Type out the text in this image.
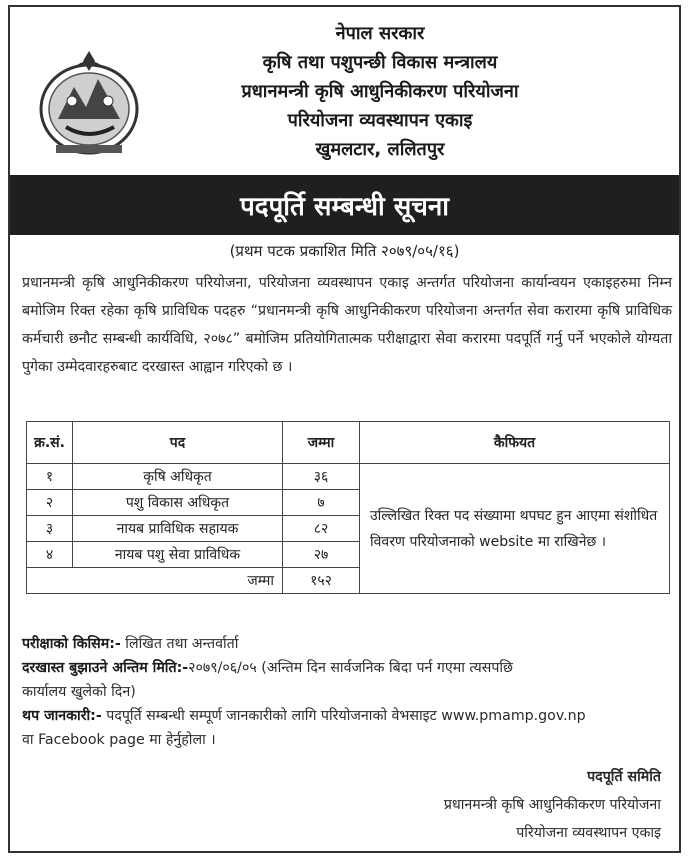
नेपाल सरकार
कृषि तथा पशुपन्छी विकास मन्त्रालय
प्रधानमन्त्री कृषि आधुनिकीकरण परियोजना
परियोजना व्यवस्थापन एकाइ
खुमलटार, ललितपुर
पदपूर्ति सम्बन्धी सूचना
(प्रथम पटक प्रकाशित मिति २०७९/०५/१६)
प्रधानमन्त्री कृषि आधुनिकीकरण परियोजना, परियोजना व्यवस्थापन एकाइ अन्तर्गत परियोजना कार्यान्वयन एकाइहरुमा निम्न बमोजिम रिक्त रहेका कृषि प्राविधिक पदहरु “प्रधानमन्त्री कृषि आधुनिकीकरण परियोजना अन्तर्गत सेवा करारमा कृषि प्राविधिक कर्मचारी छनौट सम्बन्धी कार्यविधि, २०७८” बमोजिम प्रतियोगितात्मक परीक्षाद्वारा सेवा करारमा पदपूर्ति गर्नु पर्ने भएकोले योग्यता पुगेका उम्मेदवारहरुबाट दरखास्त आह्वान गरिएको छ ।
क्र.सं.	पद	जम्मा	कैफियत
१	कृषि अधिकृत	३६	उल्लिखित रिक्त पद संख्यामा थपघट हुन आएमा संशोधित विवरण परियोजनाको website मा राखिनेछ ।
२	पशु विकास अधिकृत	७	
३	नायब प्राविधिक सहायक	८२	
४	नायब पशु सेवा प्राविधिक	२७	
जम्मा		१५२	
परीक्षाको किसिम:- लिखित तथा अन्तर्वार्ता
दरखास्त बुझाउने अन्तिम मिति:-२०७९/०६/०५ (अन्तिम दिन सार्वजनिक बिदा पर्न गएमा त्यसपछि
कार्यालय खुलेको दिन)
थप जानकारी:- पदपूर्ति सम्बन्धी सम्पूर्ण जानकारीको लागि परियोजनाको वेभसाइट www.pmamp.gov.np
वा Facebook page मा हेर्नुहोला ।
पदपूर्ति समिति
प्रधानमन्त्री कृषि आधुनिकीकरण परियोजना
परियोजना व्यवस्थापन एकाइ
